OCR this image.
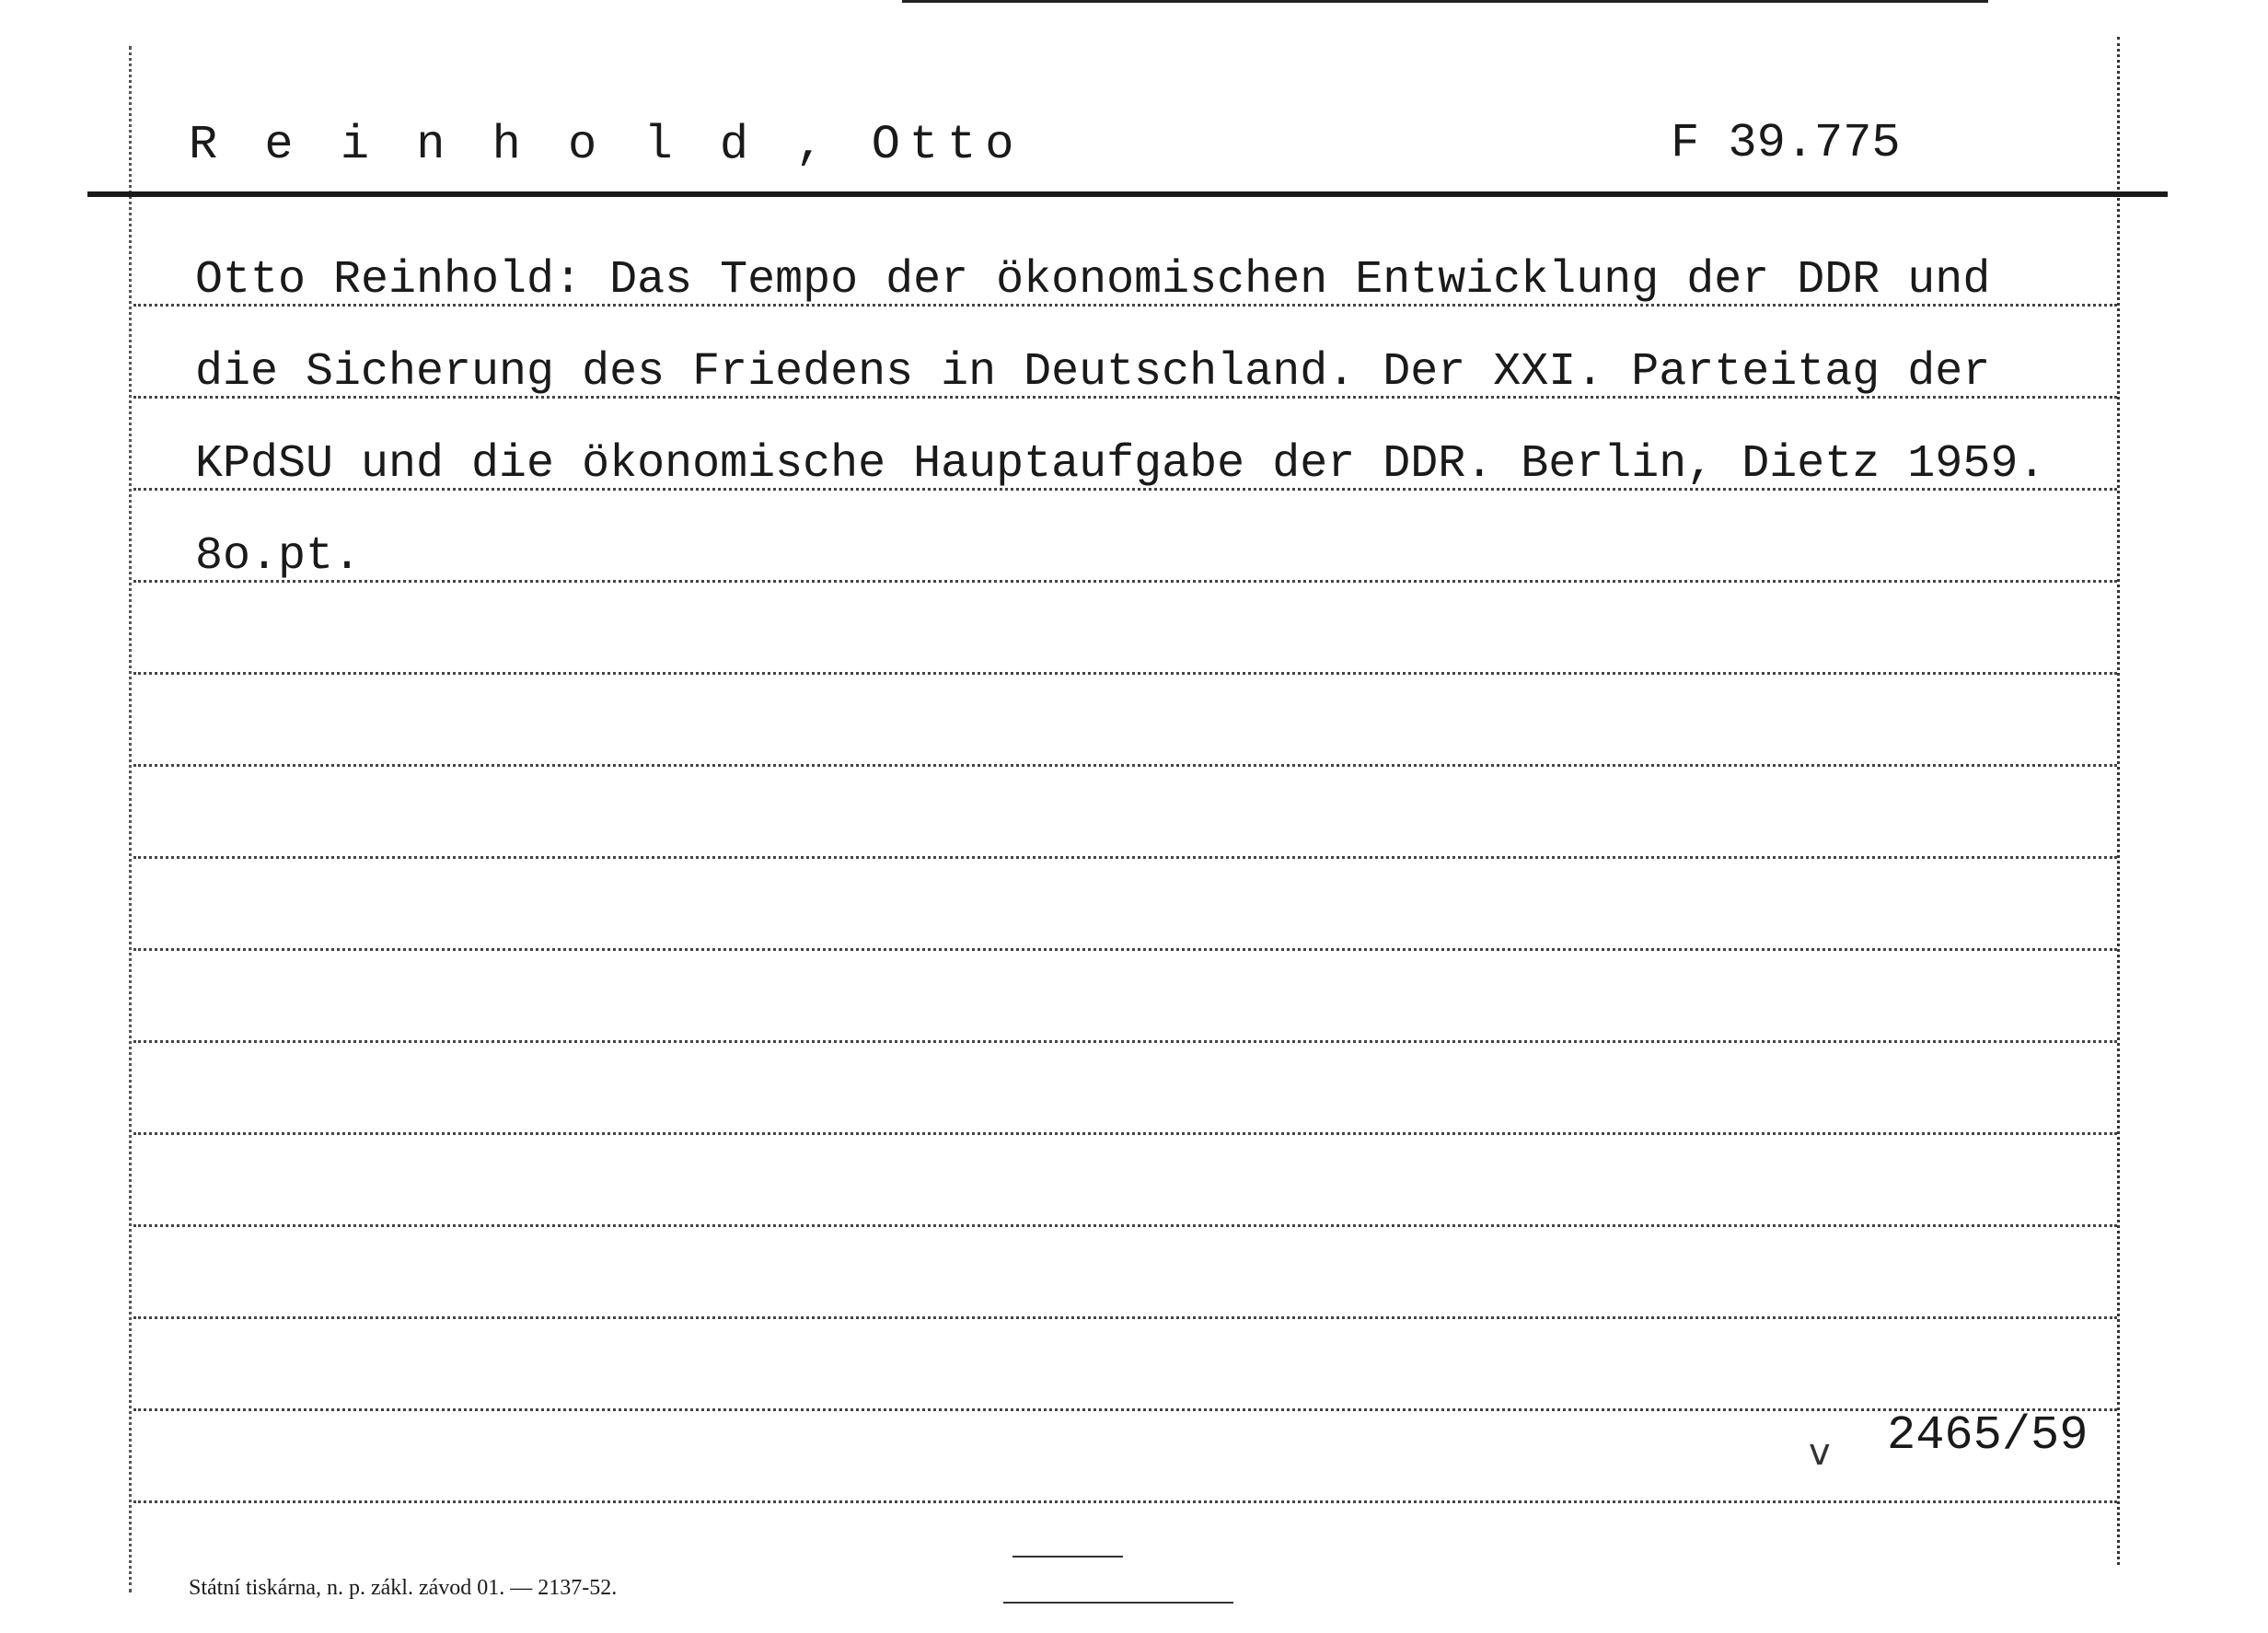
R e i n h o l d , Otto	F 39.775
Otto Reinhold: Das Tempo der ökonomischen Entwicklung der DDR und
die Sicherung des Friedens in Deutschland. Der XXI. Parteitag der
KPdSU und die ökonomische Hauptaufgabe der DDR. Berlin, Dietz 1959.
8o.pt.
v 2465/59
Státní tiskárna, n. p. zákl. závod 01. — 2137-52.
